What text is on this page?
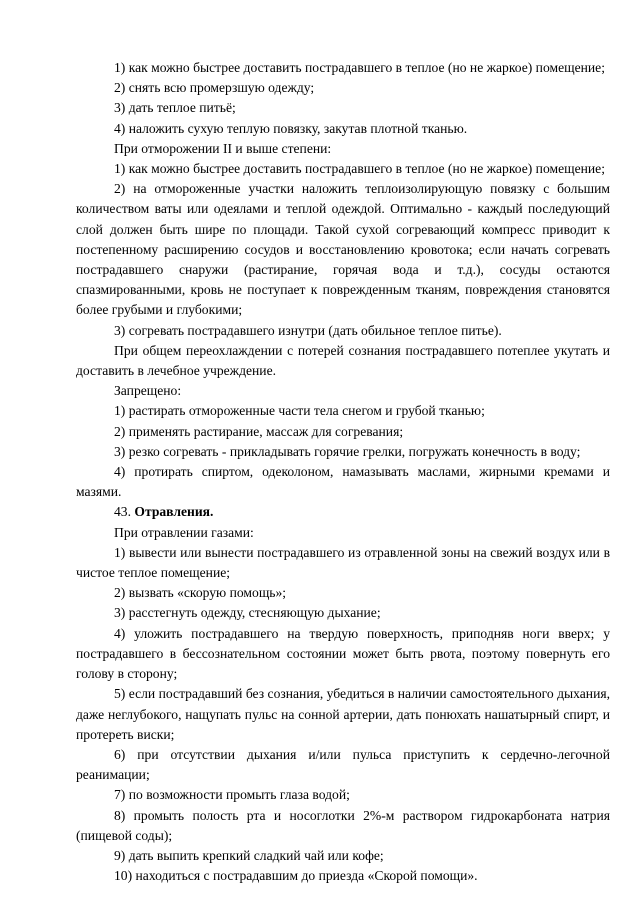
1) как можно быстрее доставить пострадавшего в теплое (но не жаркое) помещение;

2) снять всю промерзшую одежду;

3) дать теплое питьё;

4) наложить сухую теплую повязку, закутав плотной тканью.

При отморожении II и выше степени:

1) как можно быстрее доставить пострадавшего в теплое (но не жаркое) помещение;

2) на отмороженные участки наложить теплоизолирующую повязку с большим количеством ваты или одеялами и теплой одеждой. Оптимально - каждый последующий слой должен быть шире по площади. Такой сухой согревающий компресс приводит к постепенному расширению сосудов и восстановлению кровотока; если начать согревать пострадавшего снаружи (растирание, горячая вода и т.д.), сосуды остаются спазмированными, кровь не поступает к поврежденным тканям, повреждения становятся более грубыми и глубокими;

3) согревать пострадавшего изнутри (дать обильное теплое питье).

При общем переохлаждении с потерей сознания пострадавшего потеплее укутать и доставить в лечебное учреждение.

Запрещено:

1) растирать отмороженные части тела снегом и грубой тканью;

2) применять растирание, массаж для согревания;

3) резко согревать - прикладывать горячие грелки, погружать конечность в воду;

4) протирать спиртом, одеколоном, намазывать маслами, жирными кремами и мазями.

43. Отравления.

При отравлении газами:

1) вывести или вынести пострадавшего из отравленной зоны на свежий воздух или в чистое теплое помещение;

2) вызвать «скорую помощь»;

3) расстегнуть одежду, стесняющую дыхание;

4) уложить пострадавшего на твердую поверхность, приподняв ноги вверх; у пострадавшего в бессознательном состоянии может быть рвота, поэтому повернуть его голову в сторону;

5) если пострадавший без сознания, убедиться в наличии самостоятельного дыхания, даже неглубокого, нащупать пульс на сонной артерии, дать понюхать нашатырный спирт, и протереть виски;

6) при отсутствии дыхания и/или пульса приступить к сердечно-легочной реанимации;

7) по возможности промыть глаза водой;

8) промыть полость рта и носоглотки 2%-м раствором гидрокарбоната натрия (пищевой соды);

9) дать выпить крепкий сладкий чай или кофе;

10) находиться с пострадавшим до приезда «Скорой помощи».
